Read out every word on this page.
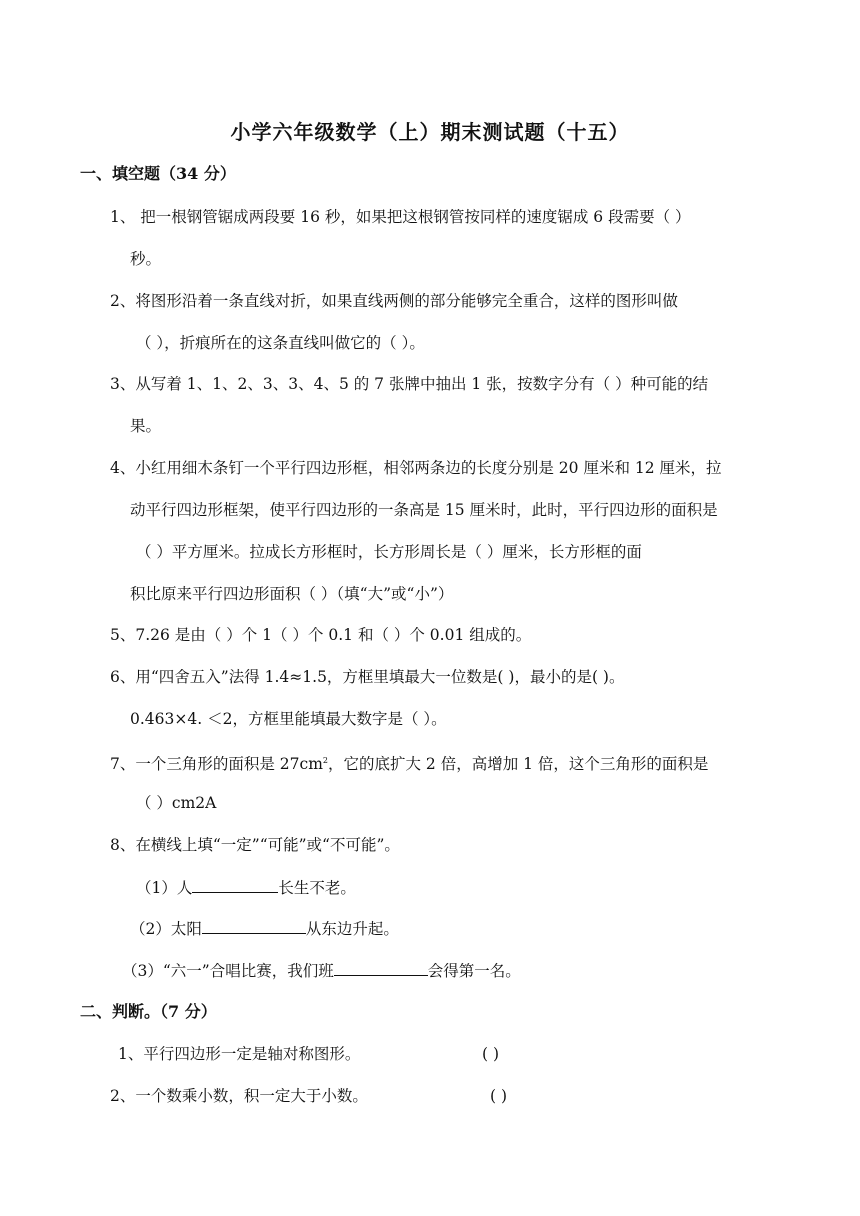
小学六年级数学（上）期末测试题（十五）
一、填空题（34 分）
1、 把一根钢管锯成两段要 16 秒，如果把这根钢管按同样的速度锯成 6 段需要（ ）
秒。
2、将图形沿着一条直线对折，如果直线两侧的部分能够完全重合，这样的图形叫做
（ ），折痕所在的这条直线叫做它的（ ）。
3、从写着 1、1、2、3、3、4、5 的 7 张牌中抽出 1 张，按数字分有（ ）种可能的结
果。
4、小红用细木条钉一个平行四边形框，相邻两条边的长度分别是 20 厘米和 12 厘米，拉
动平行四边形框架，使平行四边形的一条高是 15 厘米时，此时，平行四边形的面积是
（ ）平方厘米。拉成长方形框时，长方形周长是（ ）厘米，长方形框的面
积比原来平行四边形面积（ ）（填“大”或“小”）
5、7.26 是由（ ）个 1（ ）个 0.1 和（ ）个 0.01 组成的。
6、用“四舍五入”法得 1.4≈1.5，方框里填最大一位数是( )，最小的是( )。
0.463×4. ＜2，方框里能填最大数字是（ ）。
7、一个三角形的面积是 $27cm^2$，它的底扩大 2 倍，高增加 1 倍，这个三角形的面积是
（ ）cm2A
8、在横线上填“一定”“可能”或“不可能”。
（1）人	长生不老。
（2）太阳	从东边升起。
（3）“六一”合唱比赛，我们班	会得第一名。
二、判断。（7 分）
1、平行四边形一定是轴对称图形。	( )
2、一个数乘小数，积一定大于小数。	( )
